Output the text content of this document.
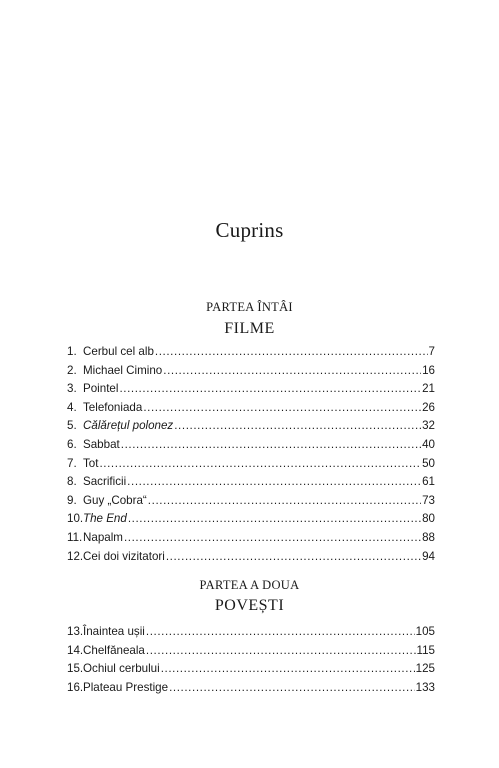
Cuprins
PARTEA ÎNTÂI
FILME
1. Cerbul cel alb .....	7
2. Michael Cimino .....	16
3. Pointel .....	21
4. Telefoniada .....	26
5. Călărețul polonez .....	32
6. Sabbat .....	40
7. Tot .....	50
8. Sacrificii .....	61
9. Guy „Cobra“ .....	73
10. The End .....	80
11. Napalm .....	88
12. Cei doi vizitatori .....	94
PARTEA A DOUA
POVEȘTI
13. Înaintea ușii .....	105
14. Chelfăneala .....	115
15. Ochiul cerbului .....	125
16. Plateau Prestige .....	133
